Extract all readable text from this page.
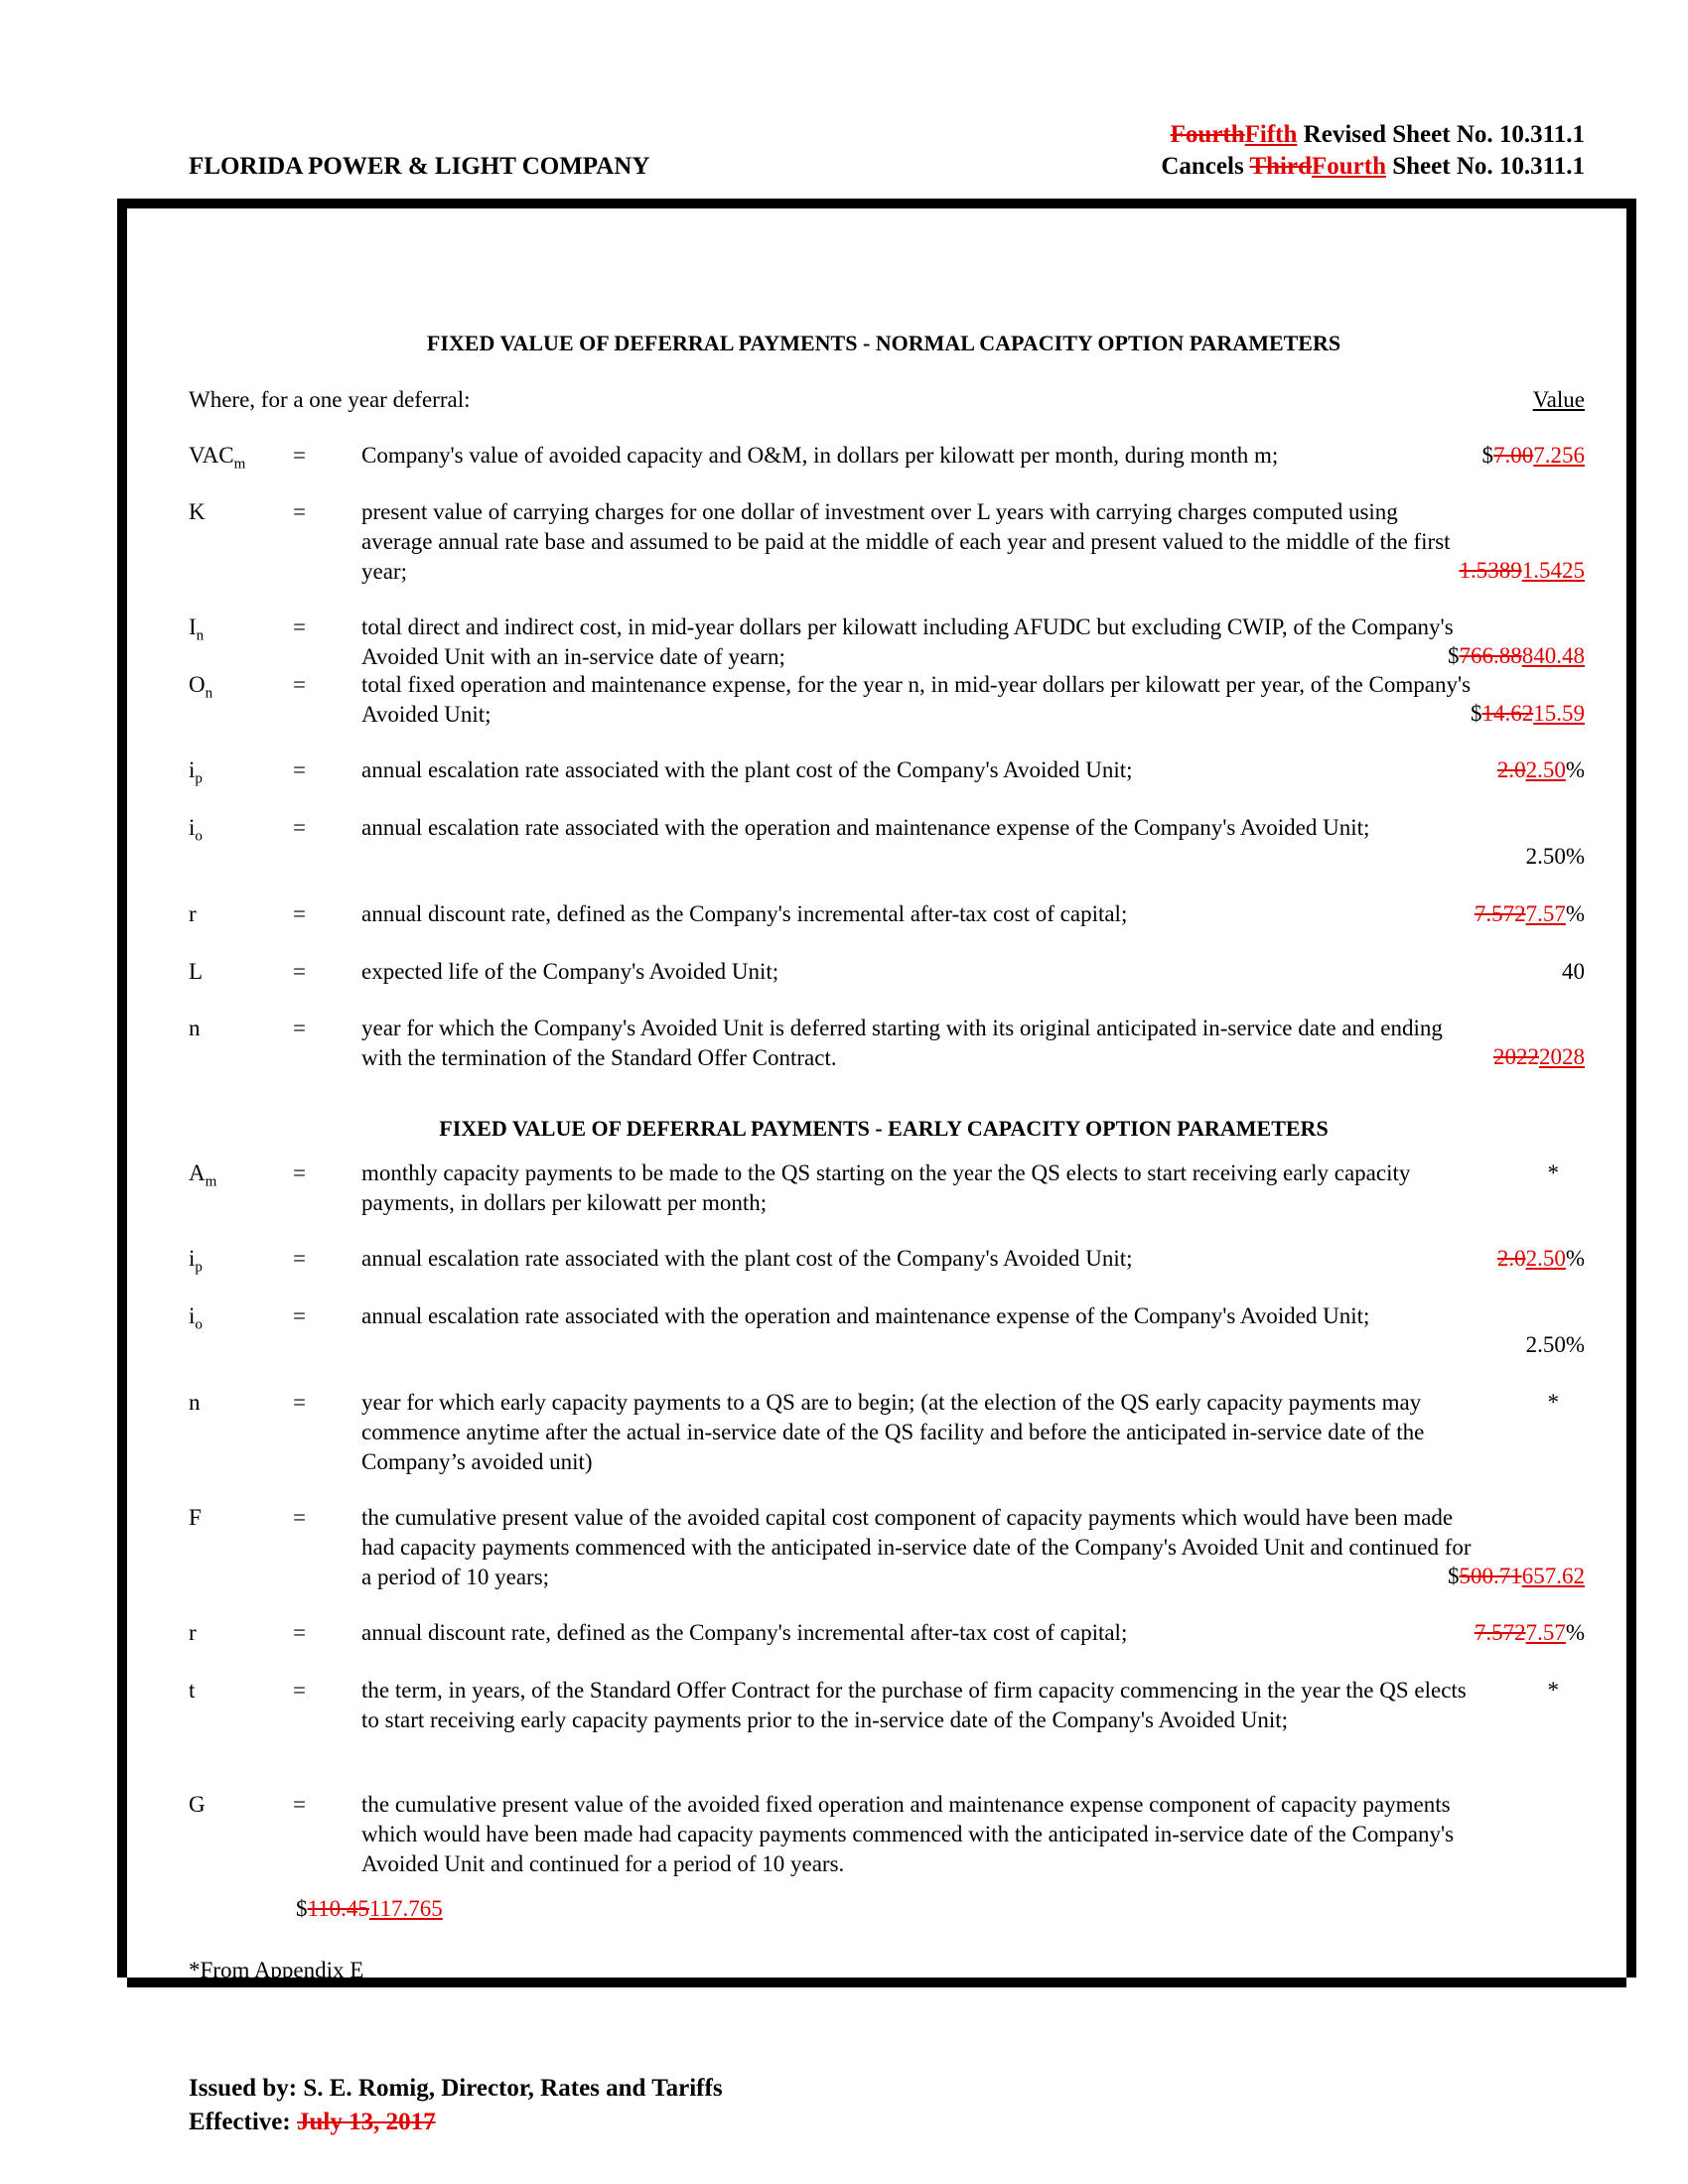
FLORIDA POWER & LIGHT COMPANY
FourthFifth Revised Sheet No. 10.311.1
Cancels ThirdFourth Sheet No. 10.311.1
FIXED VALUE OF DEFERRAL PAYMENTS - NORMAL CAPACITY OPTION PARAMETERS
Where, for a one year deferral:	Value
$VAC_m$ = Company's value of avoided capacity and O&M, in dollars per kilowatt per month, during month m;	$7.007.256
K	= present value of carrying charges for one dollar of investment over L years with carrying charges computed using average annual rate base and assumed to be paid at the middle of each year and present valued to the middle of the first year;	1.53891.5425
$I_n$	= total direct and indirect cost, in mid-year dollars per kilowatt including AFUDC but excluding CWIP, of the Company's Avoided Unit with an in-service date of yearn;	$766.88840.48
$O_n$	= total fixed operation and maintenance expense, for the year n, in mid-year dollars per kilowatt per year, of the Company's Avoided Unit;	$14.6215.59
$i_p$	= annual escalation rate associated with the plant cost of the Company's Avoided Unit;	2.02.50%
$i_o$	= annual escalation rate associated with the operation and maintenance expense of the Company's Avoided Unit;
2.50%
r	= annual discount rate, defined as the Company's incremental after-tax cost of capital;	7.5727.57%
L	= expected life of the Company's Avoided Unit;	40
n	= year for which the Company's Avoided Unit is deferred starting with its original anticipated in-service date and ending with the termination of the Standard Offer Contract.	20222028
FIXED VALUE OF DEFERRAL PAYMENTS - EARLY CAPACITY OPTION PARAMETERS
$A_m$	= monthly capacity payments to be made to the QS starting on the year the QS elects to start receiving early capacity payments, in dollars per kilowatt per month;
*
$i_p$	= annual escalation rate associated with the plant cost of the Company's Avoided Unit;	2.02.50%
$i_o$	= annual escalation rate associated with the operation and maintenance expense of the Company's Avoided Unit;
2.50%
n	= year for which early capacity payments to a QS are to begin; (at the election of the QS early capacity payments may commence anytime after the actual in-service date of the QS facility and before the anticipated in-service date of the Company’s avoided unit)
*
F	= the cumulative present value of the avoided capital cost component of capacity payments which would have been made had capacity payments commenced with the anticipated in-service date of the Company's Avoided Unit and continued for a period of 10 years;	$500.71657.62
r	= annual discount rate, defined as the Company's incremental after-tax cost of capital;	7.5727.57%
t	= the term, in years, of the Standard Offer Contract for the purchase of firm capacity commencing in the year the QS elects to start receiving early capacity payments prior to the in-service date of the Company's Avoided Unit;
*
G	= the cumulative present value of the avoided fixed operation and maintenance expense component of capacity payments which would have been made had capacity payments commenced with the anticipated in-service date of the Company's Avoided Unit and continued for a period of 10 years.
$110.45117.765
*From Appendix E
Issued by: S. E. Romig, Director, Rates and Tariffs
Effective: July 13, 2017
